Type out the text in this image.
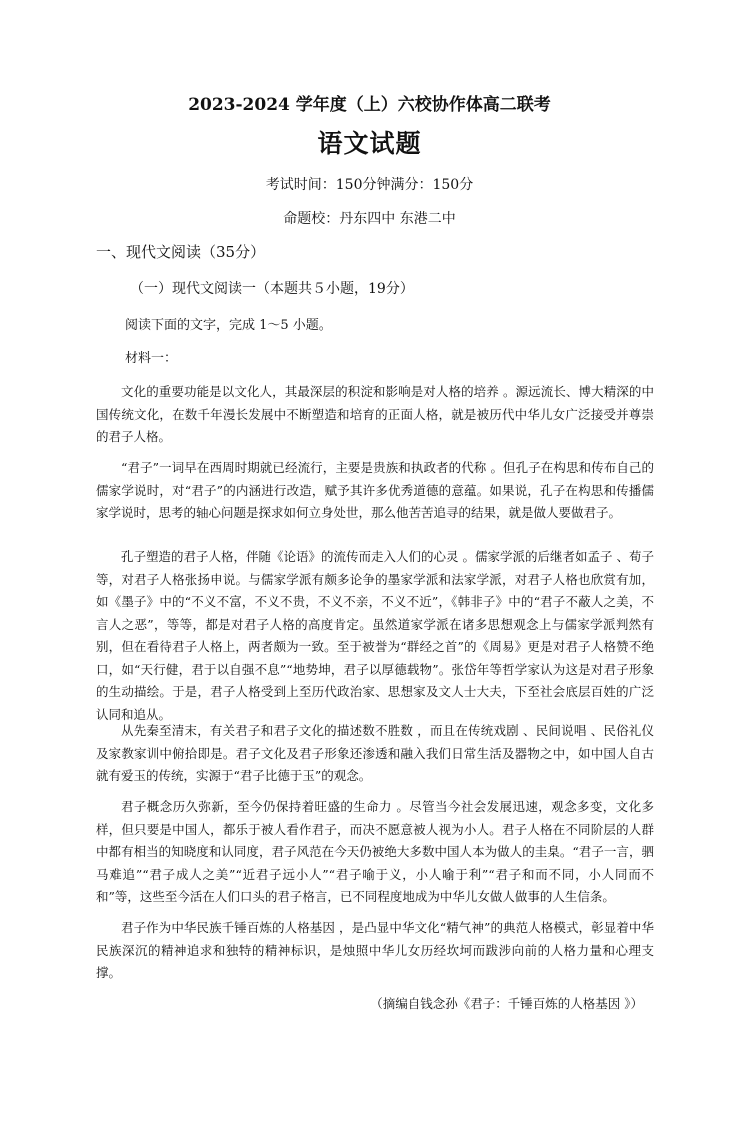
2023-2024 学年度（上）六校协作体高二联考
语文试题
考试时间：150分钟满分：150分
命题校：丹东四中 东港二中
一、现代文阅读（35分）
（一）现代文阅读一（本题共５小题，19分）
阅读下面的文字，完成 1～5 小题。
材料一：

文化的重要功能是以文化人，其最深层的积淀和影响是对人格的培养 。源远流长、博大精深的中国传统文化，在数千年漫长发展中不断塑造和培育的正面人格，就是被历代中华儿女广泛接受并尊崇的君子人格。

“君子”一词早在西周时期就已经流行，主要是贵族和执政者的代称 。但孔子在构思和传布自己的儒家学说时，对“君子”的内涵进行改造，赋予其许多优秀道德的意蕴。如果说，孔子在构思和传播儒家学说时，思考的轴心问题是探求如何立身处世，那么他苦苦追寻的结果，就是做人要做君子。

孔子塑造的君子人格，伴随《论语》的流传而走入人们的心灵 。儒家学派的后继者如孟子 、荀子等，对君子人格张扬申说。与儒家学派有颇多论争的墨家学派和法家学派，对君子人格也欣赏有加，如《墨子》中的“不义不富，不义不贵，不义不亲，不义不近”，《韩非子》中的“君子不蔽人之美，不言人之恶”，等等，都是对君子人格的高度肯定。虽然道家学派在诸多思想观念上与儒家学派判然有别，但在看待君子人格上，两者颇为一致。至于被誉为“群经之首”的《周易》更是对君子人格赞不绝口，如“天行健，君于以自强不息”“地势坤，君子以厚德载物”。张岱年等哲学家认为这是对君子形象的生动描绘。于是，君子人格受到上至历代政治家、思想家及文人士大夫，下至社会底层百姓的广泛认同和追从。

从先秦至清末，有关君子和君子文化的描述数不胜数 ，而且在传统戏剧 、民间说唱 、民俗礼仪及家教家训中俯拾即是。君子文化及君子形象还渗透和融入我们日常生活及器物之中，如中国人自古就有爱玉的传统，实源于“君子比德于玉”的观念。

君子概念历久弥新，至今仍保持着旺盛的生命力 。尽管当今社会发展迅速，观念多变，文化多样，但只要是中国人，都乐于被人看作君子，而决不愿意被人视为小人。君子人格在不同阶层的人群中都有相当的知晓度和认同度，君子风范在今天仍被绝大多数中国人本为做人的圭臬。“君子一言，驷马难追”“君子成人之美”“近君子远小人”“君子喻于义，小人喻于利”“君子和而不同，小人同而不和”等，这些至今活在人们口头的君子格言，已不同程度地成为中华儿女做人做事的人生信条。

君子作为中华民族千锤百炼的人格基因 ，是凸显中华文化“精气神”的典范人格模式，彰显着中华民族深沉的精神追求和独特的精神标识，是烛照中华儿女历经坎坷而跋涉向前的人格力量和心理支撑。

（摘编自钱念孙《君子：千锤百炼的人格基因 》）
